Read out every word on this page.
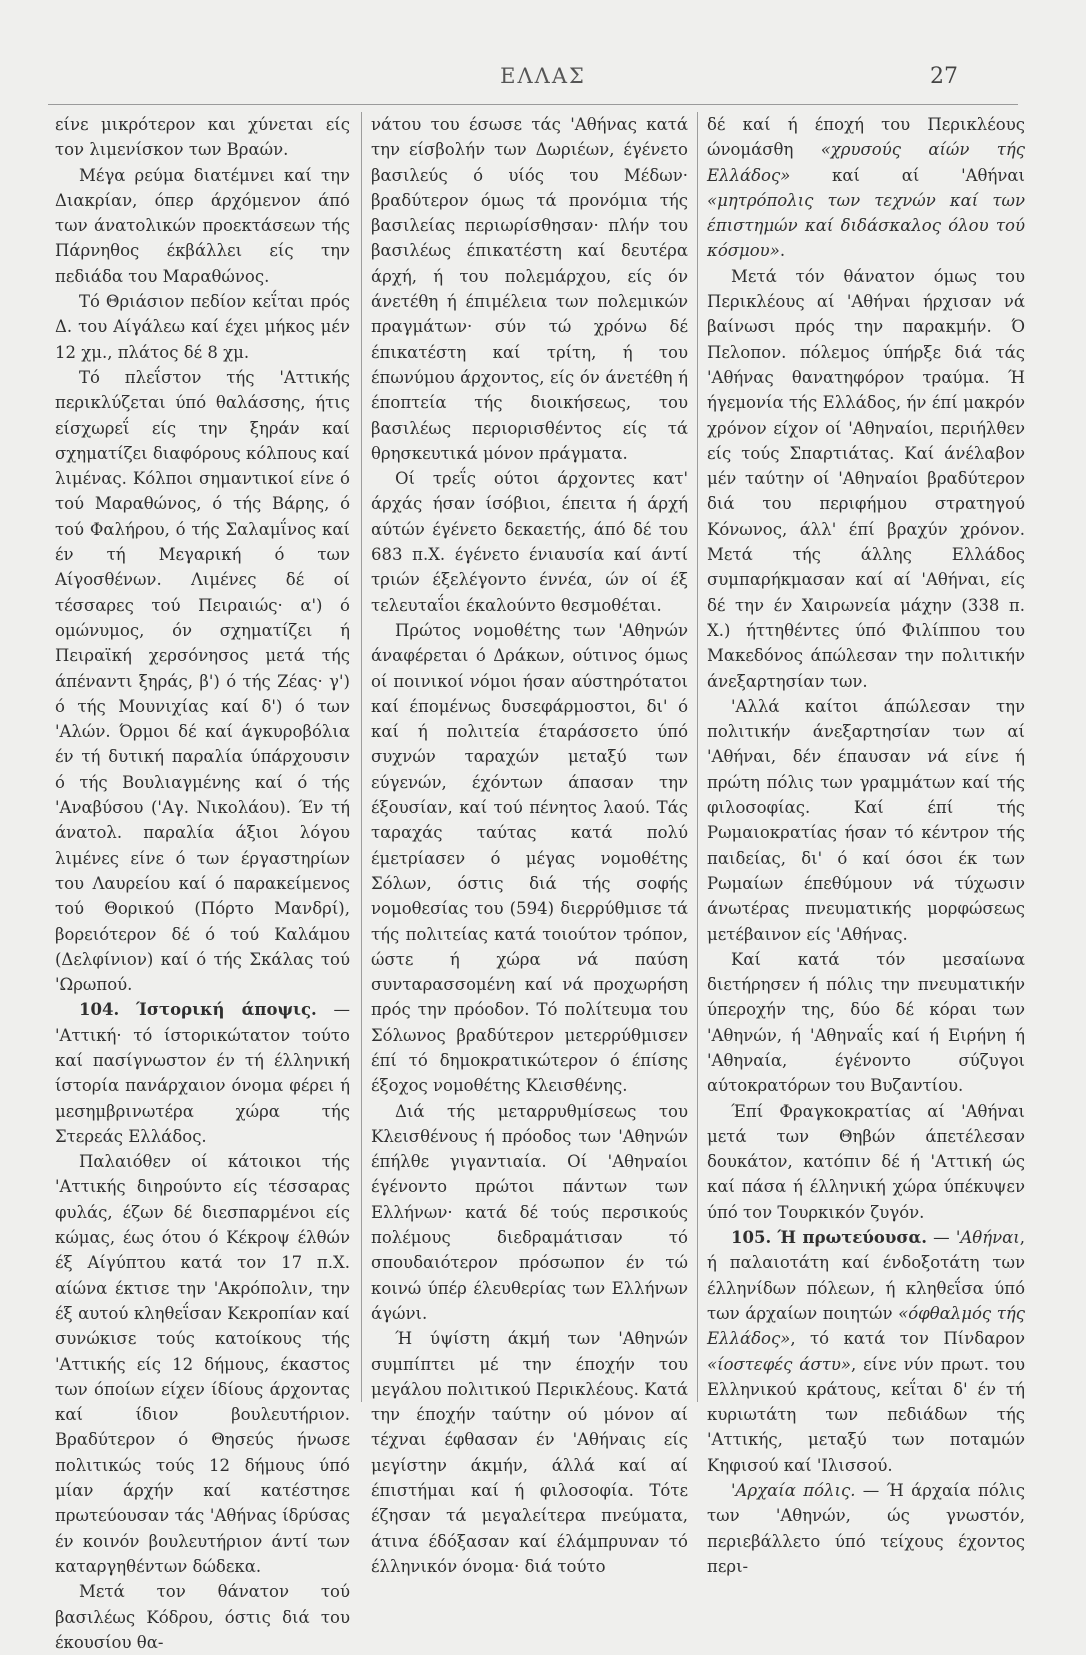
ΕΛΛΑΣ	27

είνε μικρότερον και χύνεται είς τον λιμενίσκον των Βραών.

Μέγα ρεύμα διατέμνει καί την Διακρίαν, όπερ άρχόμενον άπό των άνατολικών προεκτάσεων τής Πάρνηθος έκβάλλει είς την πεδιάδα του Μαραθώνος.

Τό Θριάσιον πεδίον κεΐται πρός Δ. του Αίγάλεω καί έχει μήκος μέν 12 χμ., πλάτος δέ 8 χμ.

Τό πλεΐστον τής 'Αττικής περικλύζεται ύπό θαλάσσης, ήτις είσχωρεΐ είς την ξηράν καί σχηματίζει διαφόρους κόλπους καί λιμένας. Κόλποι σημαντικοί είνε ό τού Μαραθώνος, ό τής Βάρης, ό τού Φαλήρου, ό τής Σαλαμΐνος καί έν τή Μεγαρική ό των Αίγοσθένων. Λιμένες δέ οί τέσσαρες τού Πειραιώς· α') ό ομώνυμος, όν σχηματίζει ή Πειραϊκή χερσόνησος μετά τής άπέναντι ξηράς, β') ό τής Ζέας· γ') ό τής Μουνιχίας καί δ') ό των 'Αλών. Όρμοι δέ καί άγκυροβόλια έν τή δυτική παραλία ύπάρχουσιν ό τής Βουλιαγμένης καί ό τής 'Αναβύσου ('Αγ. Νικολάου). Έν τή άνατολ. παραλία άξιοι λόγου λιμένες είνε ό των έργαστηρίων του Λαυρείου καί ό παρακείμενος τού Θορικού (Πόρτο Μανδρί), βορειότερον δέ ό τού Καλάμου (Δελφίνιον) καί ό τής Σκάλας τού 'Ωρωπού.

104. Ίστορική άποψις. — 'Αττική· τό ίστορικώτατον τούτο καί πασίγνωστον έν τή έλληνική ίστορία πανάρχαιον όνομα φέρει ή μεσημβρινωτέρα χώρα τής Στερεάς Ελλάδος.

Παλαιόθεν οί κάτοικοι τής 'Αττικής διηρούντο είς τέσσαρας φυλάς, έζων δέ διεσπαρμένοι είς κώμας, έως ότου ό Κέκροψ έλθών έξ Αίγύπτου κατά τον 17 π.Χ. αίώνα έκτισε την 'Ακρόπολιν, την έξ αυτού κληθεΐσαν Κεκροπίαν καί συνώκισε τούς κατοίκους τής 'Αττικής είς 12 δήμους, έκαστος των όποίων είχεν ίδίους άρχοντας καί ίδιον βουλευτήριον. Βραδύτερον ό Θησεύς ήνωσε πολιτικώς τούς 12 δήμους ύπό μίαν άρχήν καί κατέστησε πρωτεύουσαν τάς 'Αθήνας ίδρύσας έν κοινόν βουλευτήριον άντί των καταργηθέντων δώδεκα.

Μετά τον θάνατον τού βασιλέως Κόδρου, όστις διά του έκουσίου θα-

νάτου του έσωσε τάς 'Αθήνας κατά την είσβολήν των Δωριέων, έγένετο βασιλεύς ό υίός του Μέδων· βραδύτερον όμως τά προνόμια τής βασιλείας περιωρίσθησαν· πλήν του βασιλέως έπικατέστη καί δευτέρα άρχή, ή του πολεμάρχου, είς όν άνετέθη ή έπιμέλεια των πολεμικών πραγμάτων· σύν τώ χρόνω δέ έπικατέστη καί τρίτη, ή του έπωνύμου άρχοντος, είς όν άνετέθη ή έποπτεία τής διοικήσεως, του βασιλέως περιορισθέντος είς τά θρησκευτικά μόνον πράγματα.

Οί τρεΐς ούτοι άρχοντες κατ' άρχάς ήσαν ίσόβιοι, έπειτα ή άρχή αύτών έγένετο δεκαετής, άπό δέ του 683 π.Χ. έγένετο ένιαυσία καί άντί τριών έξελέγοντο έννέα, ών οί έξ τελευταΐοι έκαλούντο θεσμοθέται.

Πρώτος νομοθέτης των 'Αθηνών άναφέρεται ό Δράκων, ούτινος όμως οί ποινικοί νόμοι ήσαν αύστηρότατοι καί έπομένως δυσεφάρμοστοι, δι' ό καί ή πολιτεία έταράσσετο ύπό συχνών ταραχών μεταξύ των εύγενών, έχόντων άπασαν την έξουσίαν, καί τού πένητος λαού. Τάς ταραχάς ταύτας κατά πολύ έμετρίασεν ό μέγας νομοθέτης Σόλων, όστις διά τής σοφής νομοθεσίας του (594) διερρύθμισε τά τής πολιτείας κατά τοιούτον τρόπον, ώστε ή χώρα νά παύση συνταρασσομένη καί νά προχωρήση πρός την πρόοδον. Τό πολίτευμα του Σόλωνος βραδύτερον μετερρύθμισεν έπί τό δημοκρατικώτερον ό έπίσης έξοχος νομοθέτης Κλεισθένης.

Διά τής μεταρρυθμίσεως του Κλεισθένους ή πρόοδος των 'Αθηνών έπήλθε γιγαντιαία. Οί 'Αθηναίοι έγένοντο πρώτοι πάντων των Ελλήνων· κατά δέ τούς περσικούς πολέμους διεδραμάτισαν τό σπουδαιότερον πρόσωπον έν τώ κοινώ ύπέρ έλευθερίας των Ελλήνων άγώνι.

Ή ύψίστη άκμή των 'Αθηνών συμπίπτει μέ την έποχήν του μεγάλου πολιτικού Περικλέους. Κατά την έποχήν ταύτην ού μόνον αί τέχναι έφθασαν έν 'Αθήναις είς μεγίστην άκμήν, άλλά καί αί έπιστήμαι καί ή φιλοσοφία. Τότε έζησαν τά μεγαλείτερα πνεύματα, άτινα έδόξασαν καί έλάμπρυναν τό έλληνικόν όνομα· διά τούτο

δέ καί ή έποχή του Περικλέους ώνομάσθη «χρυσούς αίών τής Ελλάδος» καί αί 'Αθήναι «μητρόπολις των τεχνών καί των έπιστημών καί διδάσκαλος όλου τού κόσμου».

Μετά τόν θάνατον όμως του Περικλέους αί 'Αθήναι ήρχισαν νά βαίνωσι πρός την παρακμήν. Ό Πελοπον. πόλεμος ύπήρξε διά τάς 'Αθήνας θανατηφόρον τραύμα. Ή ήγεμονία τής Ελλάδος, ήν έπί μακρόν χρόνον είχον οί 'Αθηναίοι, περιήλθεν είς τούς Σπαρτιάτας. Καί άνέλαβον μέν ταύτην οί 'Αθηναίοι βραδύτερον διά του περιφήμου στρατηγού Κόνωνος, άλλ' έπί βραχύν χρόνον. Μετά τής άλλης Ελλάδος συμπαρήκμασαν καί αί 'Αθήναι, είς δέ την έν Χαιρωνεία μάχην (338 π. Χ.) ήττηθέντες ύπό Φιλίππου του Μακεδόνος άπώλεσαν την πολιτικήν άνεξαρτησίαν των.

'Αλλά καίτοι άπώλεσαν την πολιτικήν άνεξαρτησίαν των αί 'Αθήναι, δέν έπαυσαν νά είνε ή πρώτη πόλις των γραμμάτων καί τής φιλοσοφίας. Καί έπί τής Ρωμαιοκρατίας ήσαν τό κέντρον τής παιδείας, δι' ό καί όσοι έκ των Ρωμαίων έπεθύμουν νά τύχωσιν άνωτέρας πνευματικής μορφώσεως μετέβαινον είς 'Αθήνας.

Καί κατά τόν μεσαίωνα διετήρησεν ή πόλις την πνευματικήν ύπεροχήν της, δύο δέ κόραι των 'Αθηνών, ή 'Αθηναΐς καί ή Ειρήνη ή 'Αθηναία, έγένοντο σύζυγοι αύτοκρατόρων του Βυζαντίου.

Έπί Φραγκοκρατίας αί 'Αθήναι μετά των Θηβών άπετέλεσαν δουκάτον, κατόπιν δέ ή 'Αττική ώς καί πάσα ή έλληνική χώρα ύπέκυψεν ύπό τον Τουρκικόν ζυγόν.

105. Ή πρωτεύουσα. — 'Αθήναι, ή παλαιοτάτη καί ένδοξοτάτη των έλληνίδων πόλεων, ή κληθεΐσα ύπό των άρχαίων ποιητών «όφθαλμός τής Ελλάδος», τό κατά τον Πίνδαρον «ίοστεφές άστυ», είνε νύν πρωτ. του Ελληνικού κράτους, κεΐται δ' έν τή κυριωτάτη των πεδιάδων τής 'Αττικής, μεταξύ των ποταμών Κηφισού καί 'Ιλισσού.

'Αρχαία πόλις. — Ή άρχαία πόλις των 'Αθηνών, ώς γνωστόν, περιεβάλλετο ύπό τείχους έχοντος περι-
